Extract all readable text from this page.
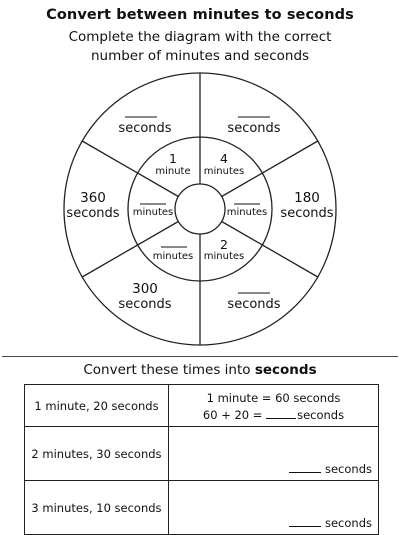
Convert between minutes to seconds
Complete the diagram with the correct
number of minutes and seconds
seconds	seconds
180
seconds
seconds
300
seconds
360
seconds
1
minute
4
minutes
minutes
2
minutes
minutes
minutes
Convert these times into seconds
1 minute, 20 seconds	1 minute = 60 seconds
60 + 20 = seconds

2 minutes, 30 seconds	seconds

3 minutes, 10 seconds	seconds
